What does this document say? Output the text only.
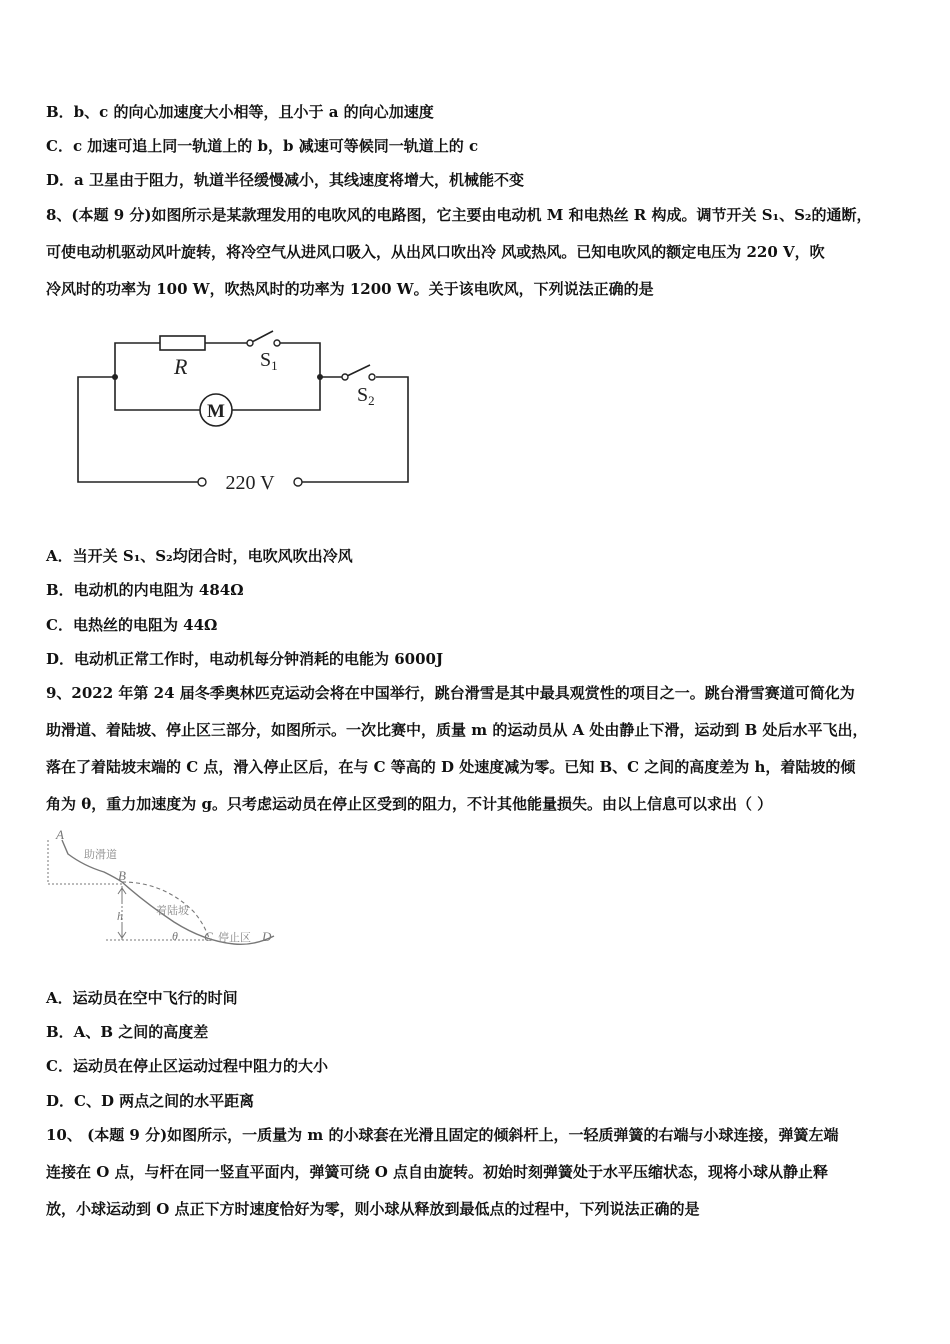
B．b、c 的向心加速度大小相等，且小于 a 的向心加速度
C．c 加速可追上同一轨道上的 b，b 减速可等候同一轨道上的 c
D．a 卫星由于阻力，轨道半径缓慢减小，其线速度将增大，机械能不变
8、(本题 9 分)如图所示是某款理发用的电吹风的电路图，它主要由电动机 M 和电热丝 R 构成。调节开关 S₁、S₂的通断，
可使电动机驱动风叶旋转，将冷空气从进风口吸入，从出风口吹出冷 风或热风。已知电吹风的额定电压为 220 V，吹
冷风时的功率为 100 W，吹热风时的功率为 1200 W。关于该电吹风，下列说法正确的是
R	$S_1$
$S_2$
M
220 V
A．当开关 S₁、S₂均闭合时，电吹风吹出冷风
B．电动机的内电阻为 484Ω
C．电热丝的电阻为 44Ω
D．电动机正常工作时，电动机每分钟消耗的电能为 6000J
9、2022 年第 24 届冬季奥林匹克运动会将在中国举行，跳台滑雪是其中最具观赏性的项目之一。跳台滑雪赛道可简化为
助滑道、着陆坡、停止区三部分，如图所示。一次比赛中，质量 m 的运动员从 A 处由静止下滑，运动到 B 处后水平飞出，
落在了着陆坡末端的 C 点，滑入停止区后，在与 C 等高的 D 处速度减为零。已知 B、C 之间的高度差为 h，着陆坡的倾
角为 θ，重力加速度为 g。只考虑运动员在停止区受到的阻力，不计其他能量损失。由以上信息可以求出（ ）
A
B
h
θ C	D
助滑道
着陆坡
停止区
A．运动员在空中飞行的时间
B．A、B 之间的高度差
C．运动员在停止区运动过程中阻力的大小
D．C、D 两点之间的水平距离
10、 (本题 9 分)如图所示，一质量为 m 的小球套在光滑且固定的倾斜杆上，一轻质弹簧的右端与小球连接，弹簧左端
连接在 O 点，与杆在同一竖直平面内，弹簧可绕 O 点自由旋转。初始时刻弹簧处于水平压缩状态，现将小球从静止释
放，小球运动到 O 点正下方时速度恰好为零，则小球从释放到最低点的过程中，下列说法正确的是
